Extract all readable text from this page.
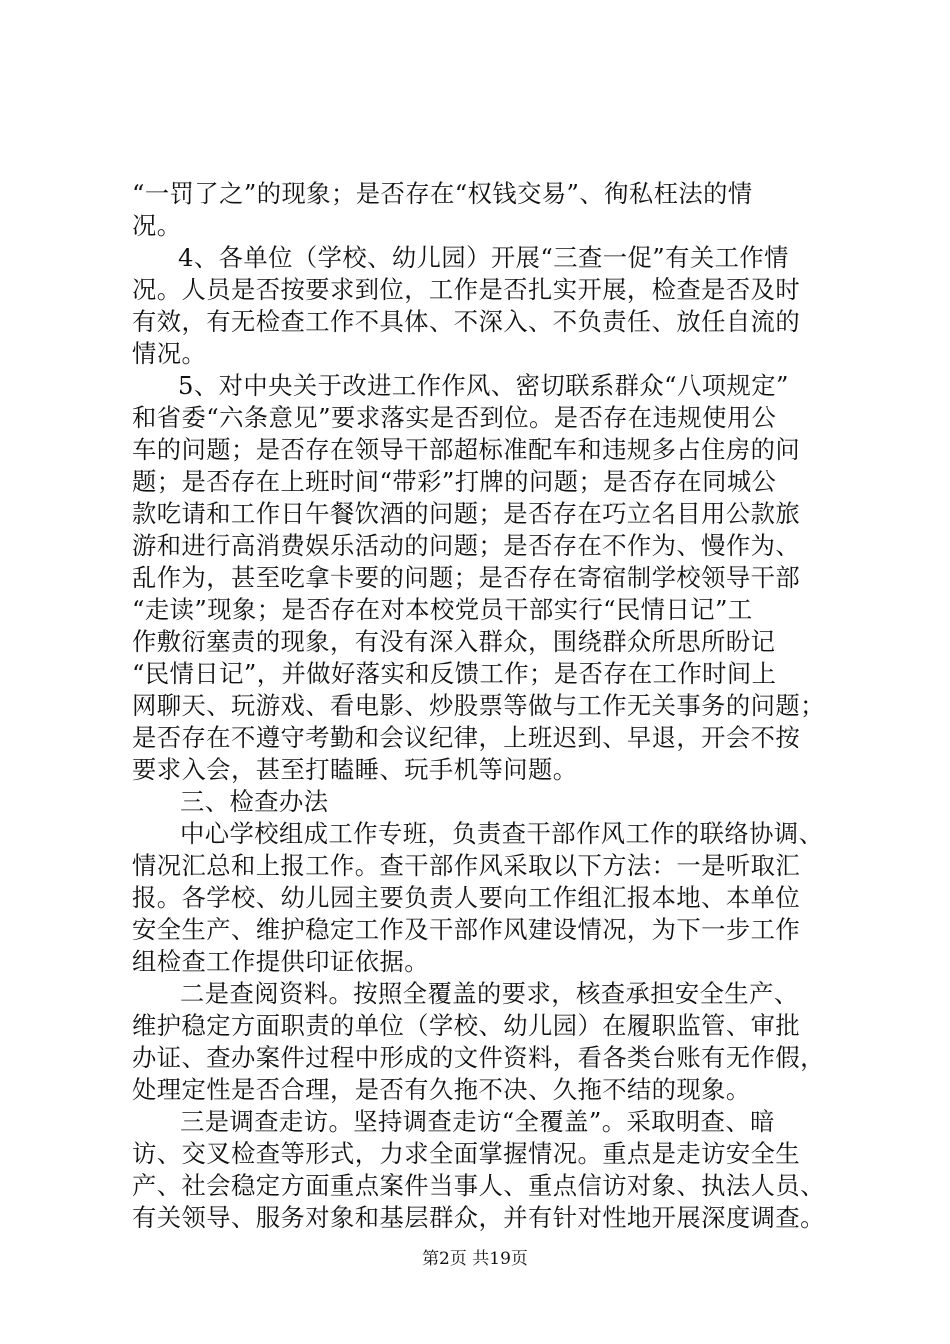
“一罚了之”的现象；是否存在“权钱交易”、徇私枉法的情
况。
4、各单位（学校、幼儿园）开展“三查一促”有关工作情
况。人员是否按要求到位，工作是否扎实开展，检查是否及时
有效，有无检查工作不具体、不深入、不负责任、放任自流的
情况。
5、对中央关于改进工作作风、密切联系群众“八项规定”
和省委“六条意见”要求落实是否到位。是否存在违规使用公
车的问题；是否存在领导干部超标准配车和违规多占住房的问
题；是否存在上班时间“带彩”打牌的问题；是否存在同城公
款吃请和工作日午餐饮酒的问题；是否存在巧立名目用公款旅
游和进行高消费娱乐活动的问题；是否存在不作为、慢作为、
乱作为，甚至吃拿卡要的问题；是否存在寄宿制学校领导干部
“走读”现象；是否存在对本校党员干部实行“民情日记”工
作敷衍塞责的现象，有没有深入群众，围绕群众所思所盼记
“民情日记”，并做好落实和反馈工作；是否存在工作时间上
网聊天、玩游戏、看电影、炒股票等做与工作无关事务的问题；
是否存在不遵守考勤和会议纪律，上班迟到、早退，开会不按
要求入会，甚至打瞌睡、玩手机等问题。
三、检查办法
中心学校组成工作专班，负责查干部作风工作的联络协调、
情况汇总和上报工作。查干部作风采取以下方法：一是听取汇
报。各学校、幼儿园主要负责人要向工作组汇报本地、本单位
安全生产、维护稳定工作及干部作风建设情况，为下一步工作
组检查工作提供印证依据。
二是查阅资料。按照全覆盖的要求，核查承担安全生产、
维护稳定方面职责的单位（学校、幼儿园）在履职监管、审批
办证、查办案件过程中形成的文件资料，看各类台账有无作假，
处理定性是否合理，是否有久拖不决、久拖不结的现象。
三是调查走访。坚持调查走访“全覆盖”。采取明查、暗
访、交叉检查等形式，力求全面掌握情况。重点是走访安全生
产、社会稳定方面重点案件当事人、重点信访对象、执法人员、
有关领导、服务对象和基层群众，并有针对性地开展深度调查。
第2页 共19页
